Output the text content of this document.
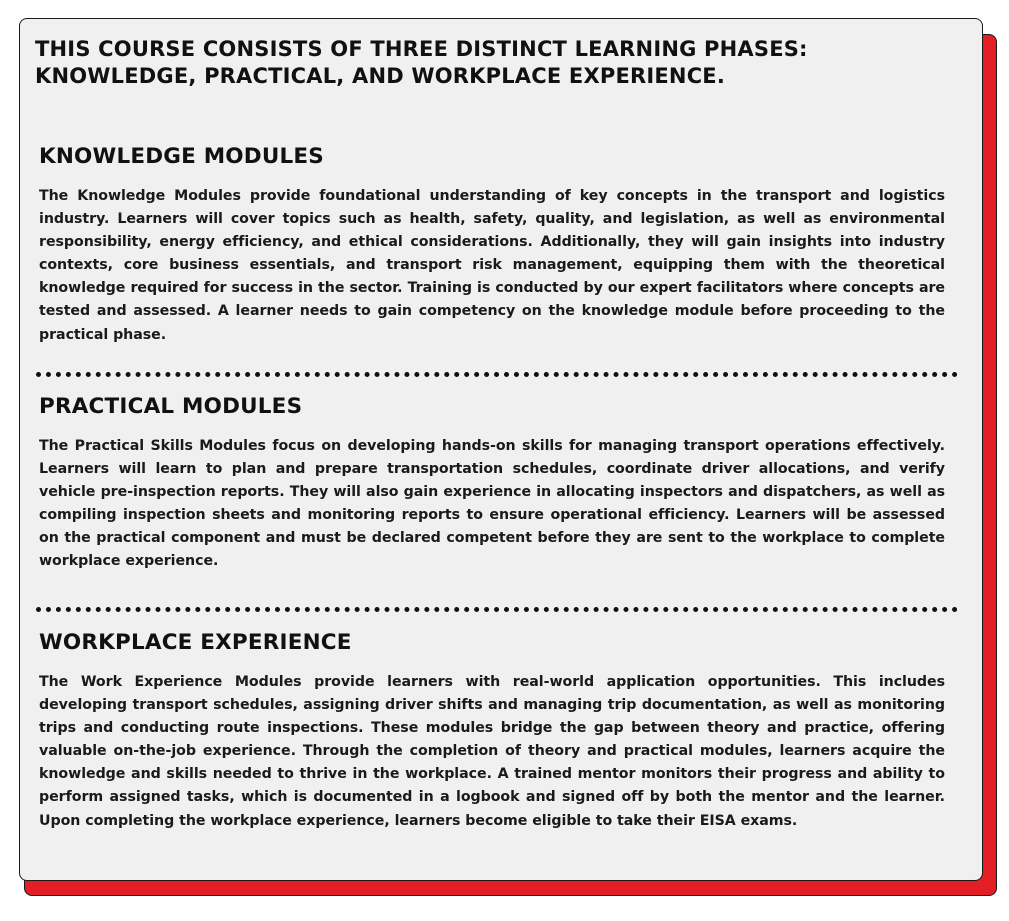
THIS COURSE CONSISTS OF THREE DISTINCT LEARNING PHASES: KNOWLEDGE, PRACTICAL, AND WORKPLACE EXPERIENCE.
KNOWLEDGE MODULES

The Knowledge Modules provide foundational understanding of key concepts in the transport and logistics industry. Learners will cover topics such as health, safety, quality, and legislation, as well as environmental responsibility, energy efficiency, and ethical considerations. Additionally, they will gain insights into industry contexts, core business essentials, and transport risk management, equipping them with the theoretical knowledge required for success in the sector. Training is conducted by our expert facilitators where concepts are tested and assessed. A learner needs to gain competency on the knowledge module before proceeding to the practical phase.

PRACTICAL MODULES

The Practical Skills Modules focus on developing hands-on skills for managing transport operations effectively. Learners will learn to plan and prepare transportation schedules, coordinate driver allocations, and verify vehicle pre-inspection reports. They will also gain experience in allocating inspectors and dispatchers, as well as compiling inspection sheets and monitoring reports to ensure operational efficiency. Learners will be assessed on the practical component and must be declared competent before they are sent to the workplace to complete workplace experience.

WORKPLACE EXPERIENCE

The Work Experience Modules provide learners with real-world application opportunities. This includes developing transport schedules, assigning driver shifts and managing trip documentation, as well as monitoring trips and conducting route inspections. These modules bridge the gap between theory and practice, offering valuable on-the-job experience. Through the completion of theory and practical modules, learners acquire the knowledge and skills needed to thrive in the workplace. A trained mentor monitors their progress and ability to perform assigned tasks, which is documented in a logbook and signed off by both the mentor and the learner. Upon completing the workplace experience, learners become eligible to take their EISA exams.
